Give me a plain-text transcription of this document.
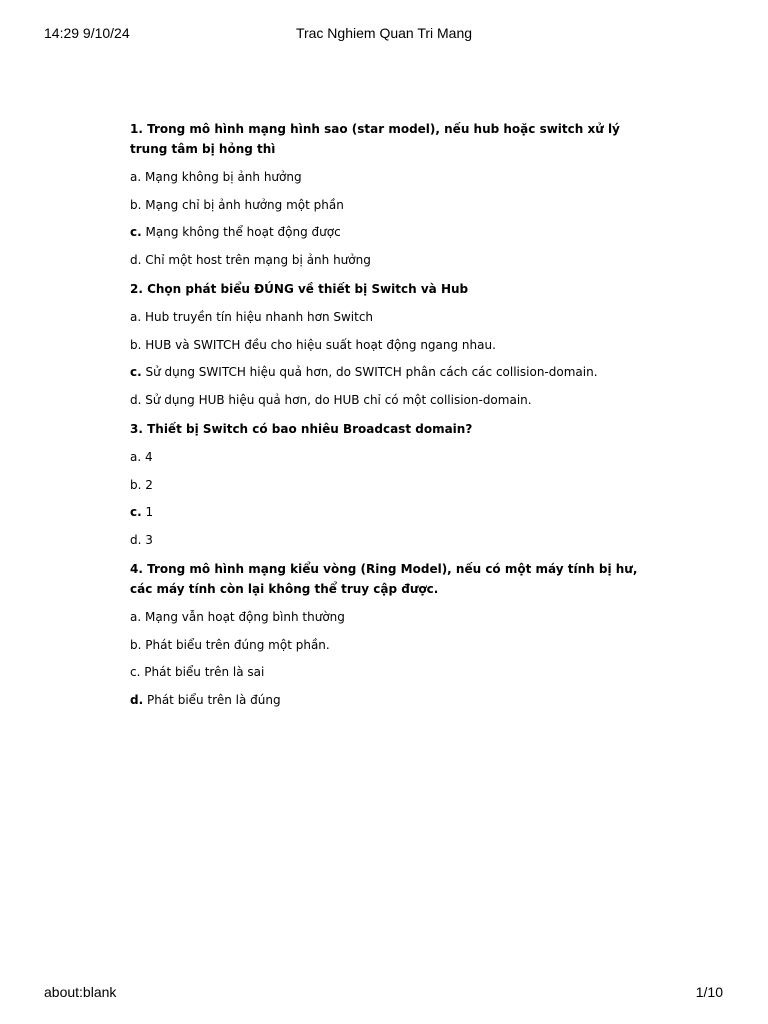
14:29 9/10/24	Trac Nghiem Quan Tri Mang
1. Trong mô hình mạng hình sao (star model), nếu hub hoặc switch xử lý trung tâm bị hỏng thì
a. Mạng không bị ảnh hưởng
b. Mạng chỉ bị ảnh hưởng một phần
c. Mạng không thể hoạt động được
d. Chỉ một host trên mạng bị ảnh hưởng
2. Chọn phát biểu ĐÚNG về thiết bị Switch và Hub
a. Hub truyền tín hiệu nhanh hơn Switch
b. HUB và SWITCH đều cho hiệu suất hoạt động ngang nhau.
c. Sử dụng SWITCH hiệu quả hơn, do SWITCH phân cách các collision-domain.
d. Sử dụng HUB hiệu quả hơn, do HUB chỉ có một collision-domain.
3. Thiết bị Switch có bao nhiêu Broadcast domain?
a. 4
b. 2
c. 1
d. 3
4. Trong mô hình mạng kiểu vòng (Ring Model), nếu có một máy tính bị hư, các máy tính còn lại không thể truy cập được.
a. Mạng vẫn hoạt động bình thường
b. Phát biểu trên đúng một phần.
c. Phát biểu trên là sai
d. Phát biểu trên là đúng
about:blank	1/10
